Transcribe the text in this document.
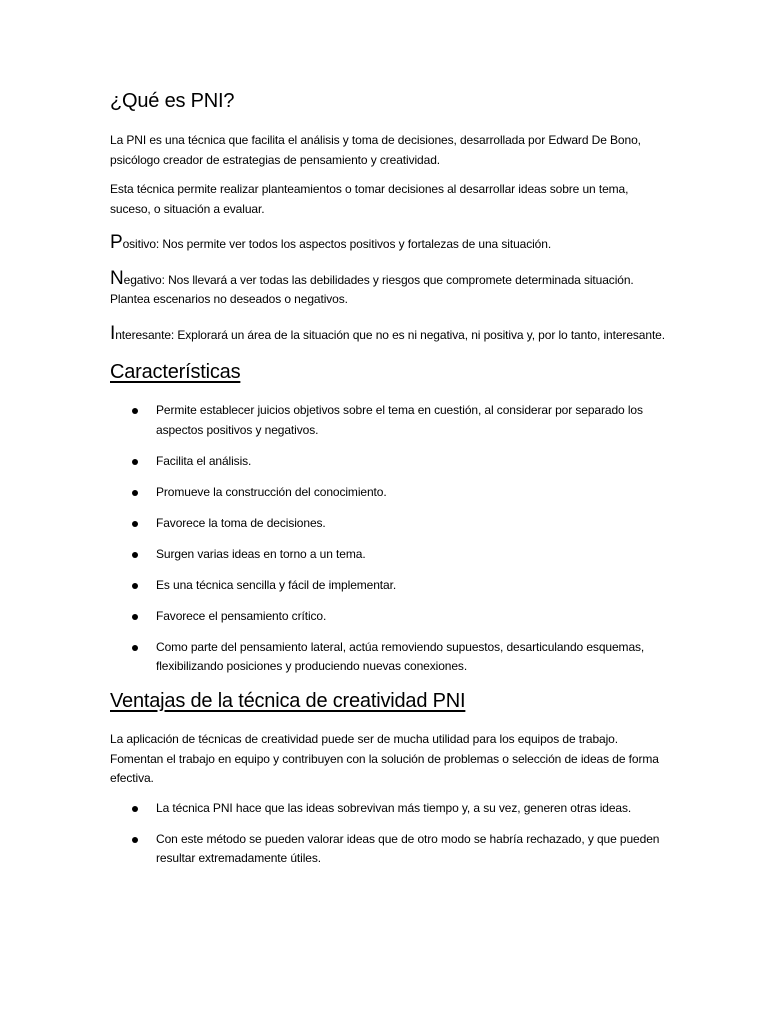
¿Qué es PNI?

La PNI es una técnica que facilita el análisis y toma de decisiones, desarrollada por Edward De Bono, psicólogo creador de estrategias de pensamiento y creatividad.

Esta técnica permite realizar planteamientos o tomar decisiones al desarrollar ideas sobre un tema, suceso, o situación a evaluar.

Positivo: Nos permite ver todos los aspectos positivos y fortalezas de una situación.

Negativo: Nos llevará a ver todas las debilidades y riesgos que compromete determinada situación. Plantea escenarios no deseados o negativos.

Interesante: Explorará un área de la situación que no es ni negativa, ni positiva y, por lo tanto, interesante.

Características
Permite establecer juicios objetivos sobre el tema en cuestión, al considerar por separado los aspectos positivos y negativos.
Facilita el análisis.
Promueve la construcción del conocimiento.
Favorece la toma de decisiones.
Surgen varias ideas en torno a un tema.
Es una técnica sencilla y fácil de implementar.
Favorece el pensamiento crítico.
Como parte del pensamiento lateral, actúa removiendo supuestos, desarticulando esquemas, flexibilizando posiciones y produciendo nuevas conexiones.
Ventajas de la técnica de creatividad PNI

La aplicación de técnicas de creatividad puede ser de mucha utilidad para los equipos de trabajo. Fomentan el trabajo en equipo y contribuyen con la solución de problemas o selección de ideas de forma efectiva.

La técnica PNI hace que las ideas sobrevivan más tiempo y, a su vez, generen otras ideas.
Con este método se pueden valorar ideas que de otro modo se habría rechazado, y que pueden resultar extremadamente útiles.
